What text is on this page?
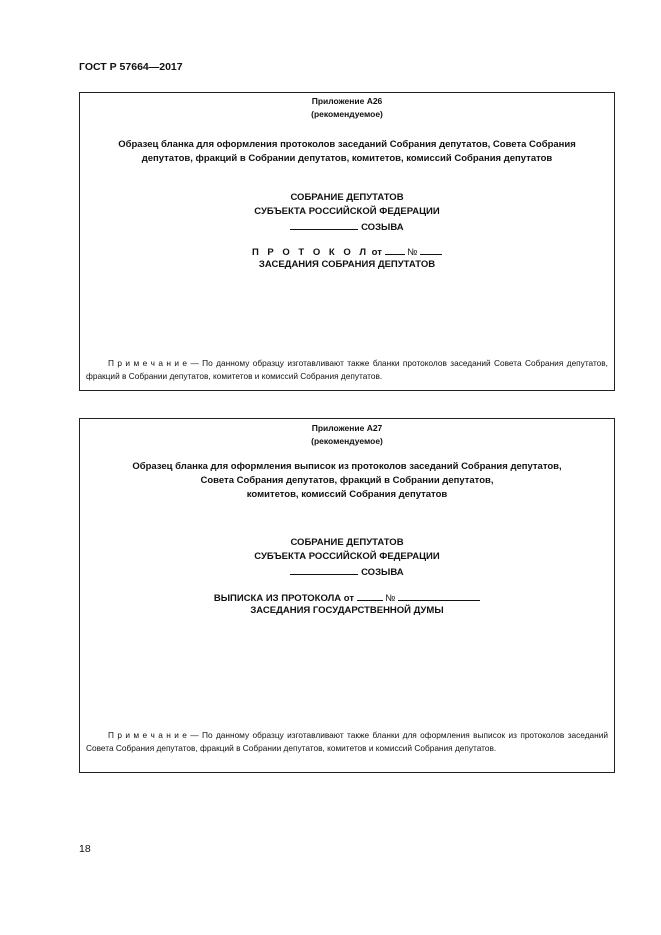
ГОСТ Р 57664—2017
Приложение А26
(рекомендуемое)
Образец бланка для оформления протоколов заседаний Собрания депутатов, Совета Собрания
депутатов, фракций в Собрании депутатов, комитетов, комиссий Собрания депутатов
СОБРАНИЕ ДЕПУТАТОВ
СУБЪЕКТА РОССИЙСКОЙ ФЕДЕРАЦИИ
СОЗЫВА
П Р О Т О К О Л от	№
ЗАСЕДАНИЯ СОБРАНИЯ ДЕПУТАТОВ
П р и м е ч а н и е — По данному образцу изготавливают также бланки протоколов заседаний Совета Собрания депутатов, фракций в Собрании депутатов, комитетов и комиссий Собрания депутатов.
Приложение А27
(рекомендуемое)
Образец бланка для оформления выписок из протоколов заседаний Собрания депутатов,
Совета Собрания депутатов, фракций в Собрании депутатов,
комитетов, комиссий Собрания депутатов
СОБРАНИЕ ДЕПУТАТОВ
СУБЪЕКТА РОССИЙСКОЙ ФЕДЕРАЦИИ
СОЗЫВА
ВЫПИСКА ИЗ ПРОТОКОЛА от	№
ЗАСЕДАНИЯ ГОСУДАРСТВЕННОЙ ДУМЫ
П р и м е ч а н и е — По данному образцу изготавливают также бланки для оформления выписок из протоколов заседаний Совета Собрания депутатов, фракций в Собрании депутатов, комитетов и комиссий Собрания депутатов.
18
